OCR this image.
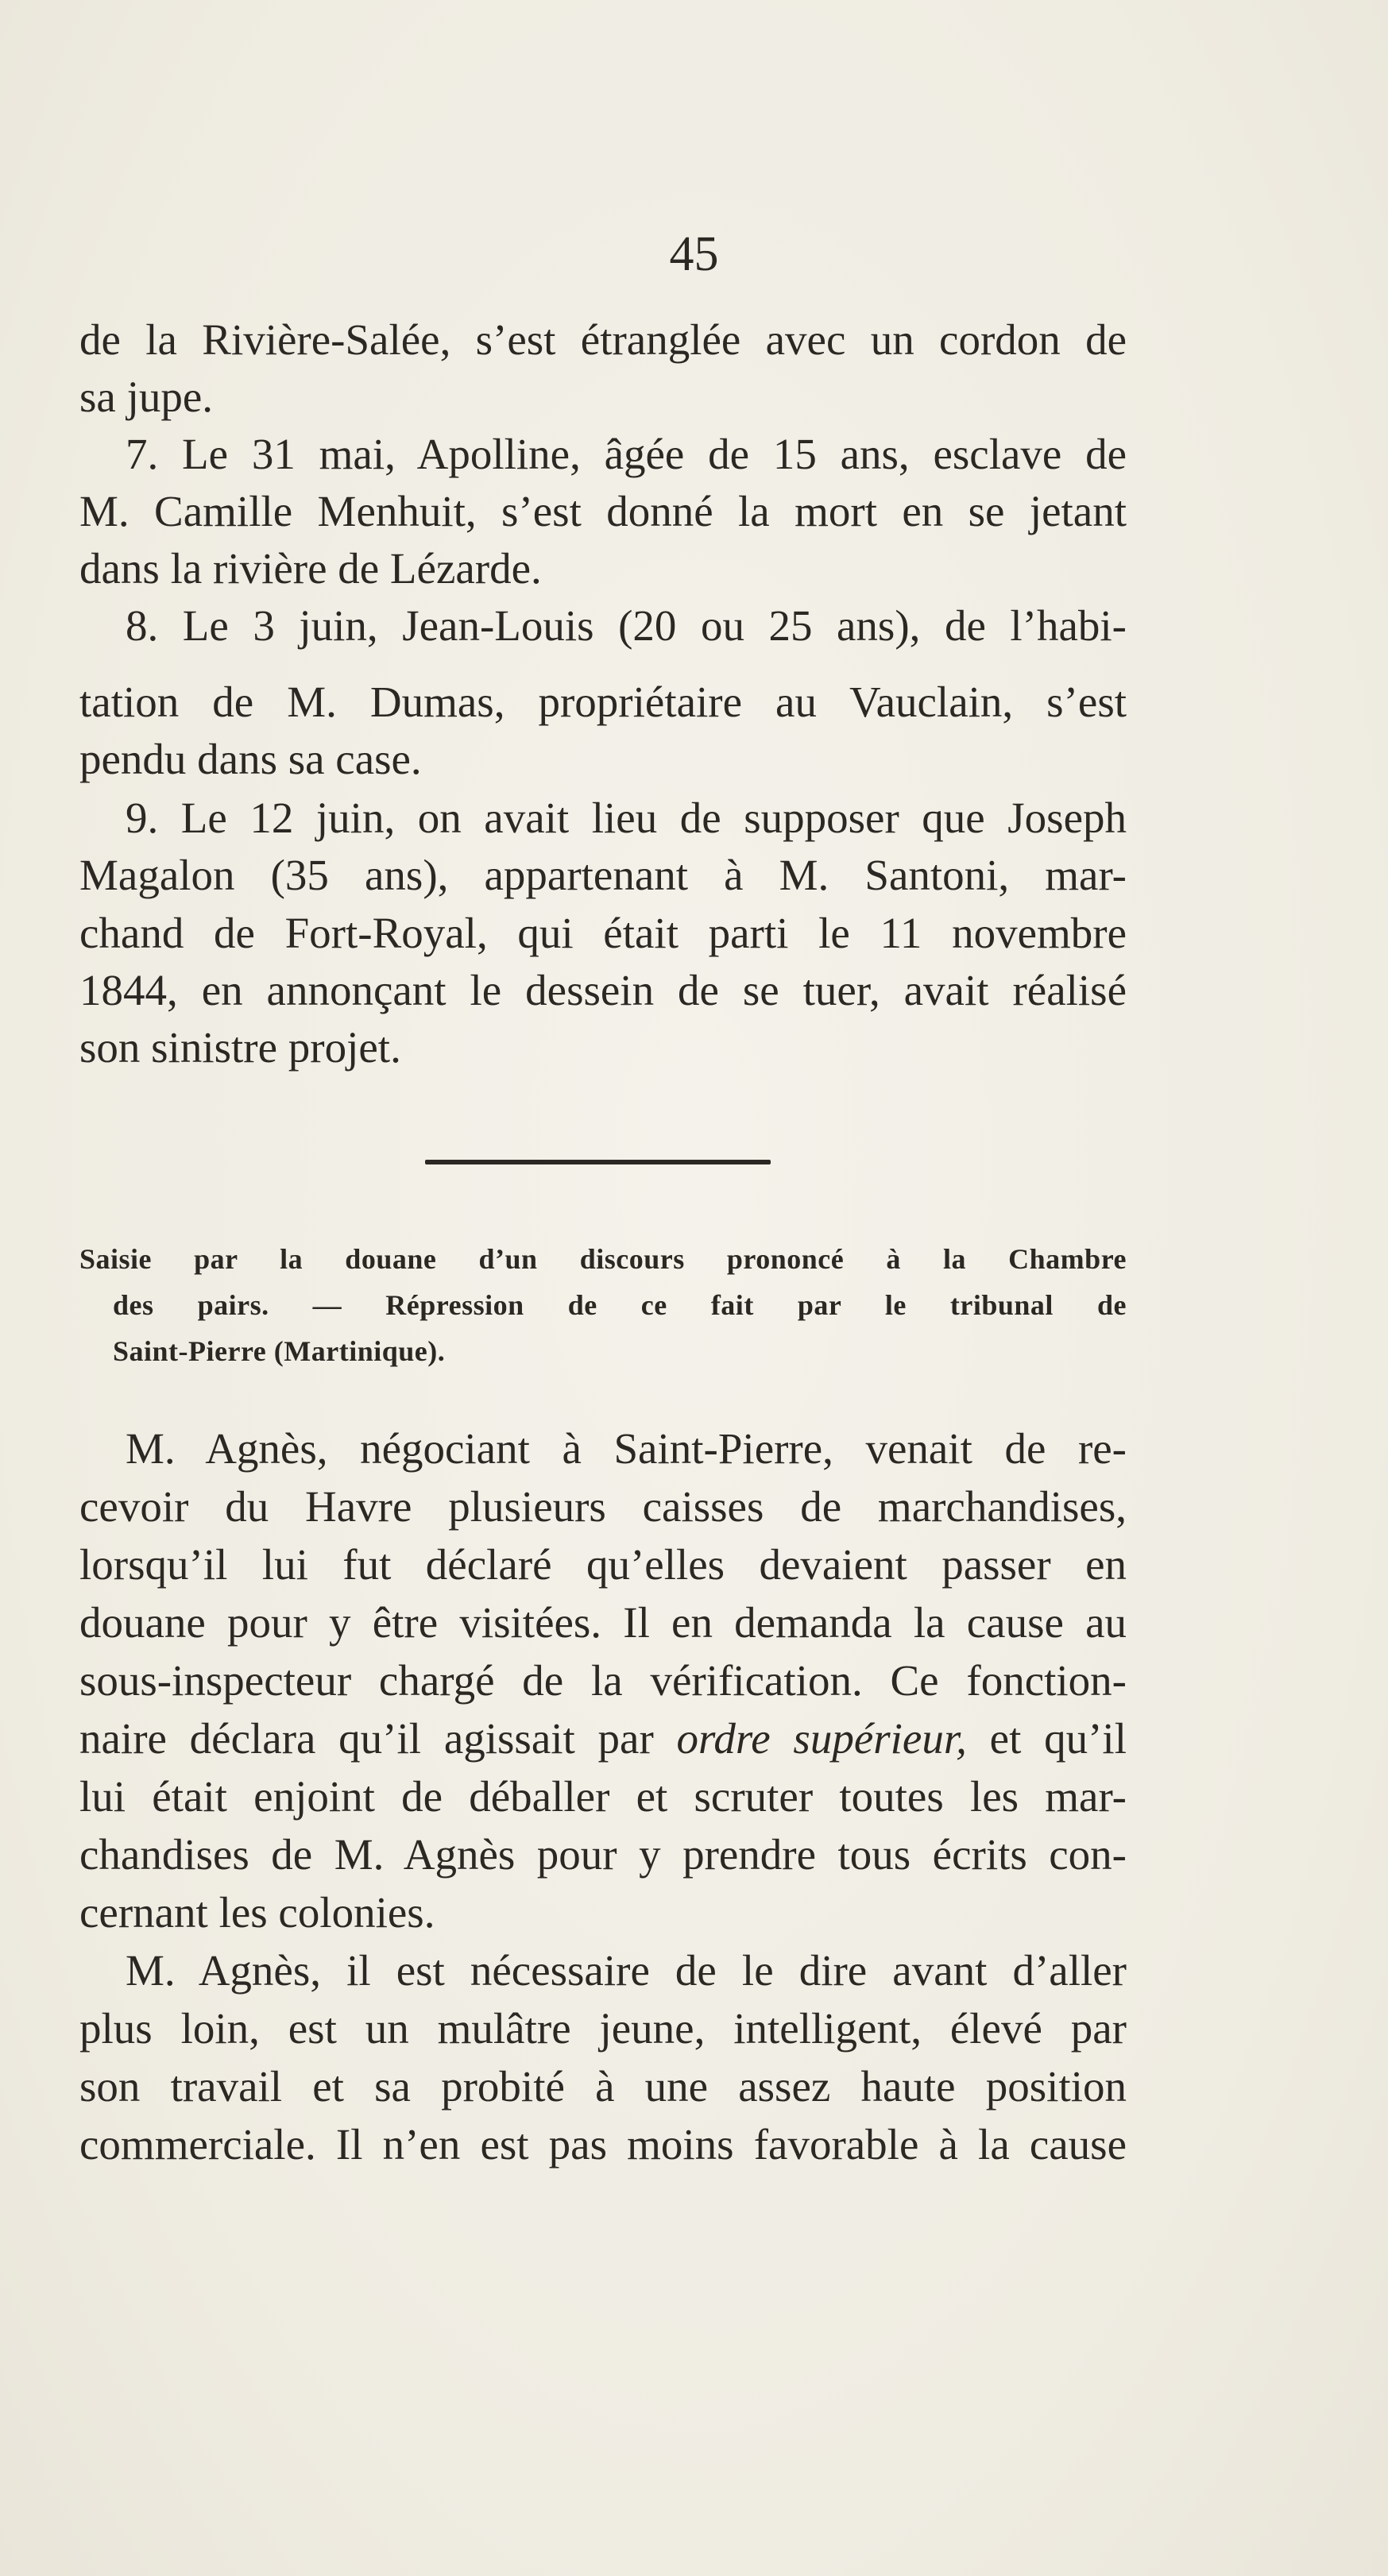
45
de la Rivière-Salée, s’est étranglée avec un cordon de
sa jupe.
7. Le 31 mai, Apolline, âgée de 15 ans, esclave de
M. Camille Menhuit, s’est donné la mort en se jetant
dans la rivière de Lézarde.
8. Le 3 juin, Jean-Louis (20 ou 25 ans), de l’habi-
tation de M. Dumas, propriétaire au Vauclain, s’est
pendu dans sa case.
9. Le 12 juin, on avait lieu de supposer que Joseph
Magalon (35 ans), appartenant à M. Santoni, mar-
chand de Fort-Royal, qui était parti le 11 novembre
1844, en annonçant le dessein de se tuer, avait réalisé
son sinistre projet.
Saisie par la douane d’un discours prononcé à la Chambre
des pairs. — Répression de ce fait par le tribunal de
Saint-Pierre (Martinique).
M. Agnès, négociant à Saint-Pierre, venait de re-
cevoir du Havre plusieurs caisses de marchandises,
lorsqu’il lui fut déclaré qu’elles devaient passer en
douane pour y être visitées. Il en demanda la cause au
sous-inspecteur chargé de la vérification. Ce fonction-
naire déclara qu’il agissait par ordre supérieur, et qu’il
lui était enjoint de déballer et scruter toutes les mar-
chandises de M. Agnès pour y prendre tous écrits con-
cernant les colonies.
M. Agnès, il est nécessaire de le dire avant d’aller
plus loin, est un mulâtre jeune, intelligent, élevé par
son travail et sa probité à une assez haute position
commerciale. Il n’en est pas moins favorable à la cause
